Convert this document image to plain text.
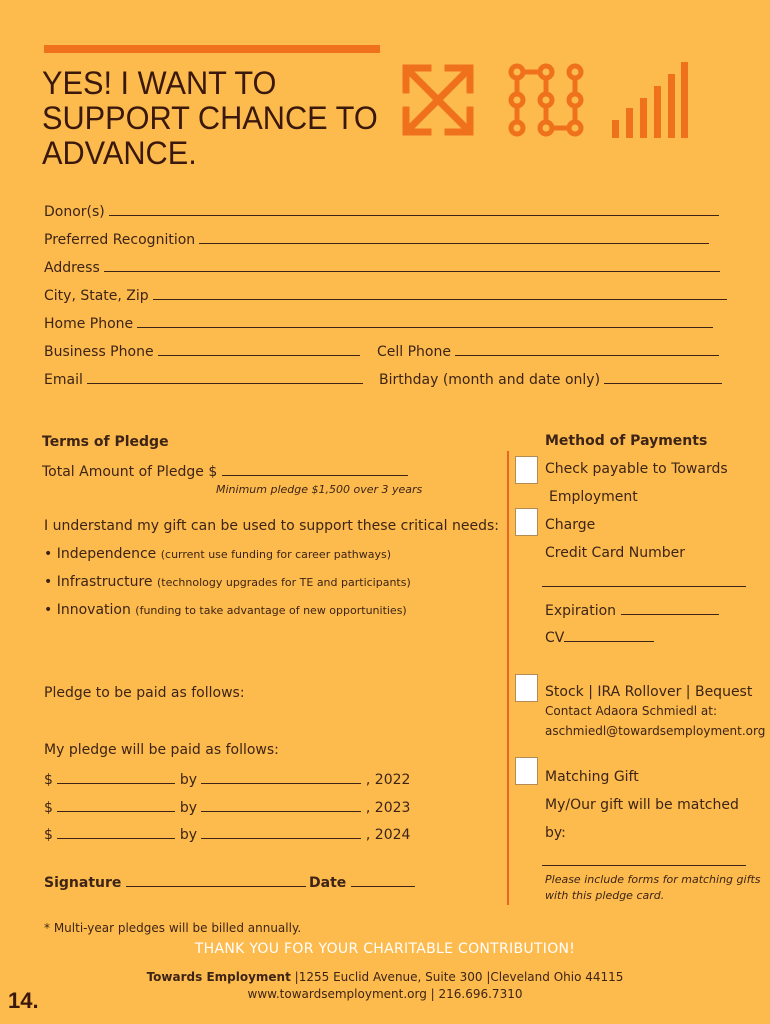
YES! I WANT TO
SUPPORT CHANCE TO
ADVANCE.
Donor(s)
Preferred Recognition
Address
City, State, Zip
Home Phone
Business Phone	Cell Phone
Email	Birthday (month and date only)
Terms of Pledge
Total Amount of Pledge $
Minimum pledge $1,500 over 3 years
I understand my gift can be used to support these critical needs:
• Independence (current use funding for career pathways)
• Infrastructure (technology upgrades for TE and participants)
• Innovation (funding to take advantage of new opportunities)
Pledge to be paid as follows:
My pledge will be paid as follows:
$	by	, 2022
$	by	, 2023
$	by	, 2024
Signature	Date
* Multi-year pledges will be billed annually.
Method of Payments
Check payable to Towards
Employment
Charge
Credit Card Number
Expiration
CV
Stock | IRA Rollover | Bequest
Contact Adaora Schmiedl at:
aschmiedl@towardsemployment.org
Matching Gift
My/Our gift will be matched
by:
Please include forms for matching gifts
with this pledge card.
THANK YOU FOR YOUR CHARITABLE CONTRIBUTION!
Towards Employment |1255 Euclid Avenue, Suite 300 |Cleveland Ohio 44115
www.towardsemployment.org | 216.696.7310
14.
